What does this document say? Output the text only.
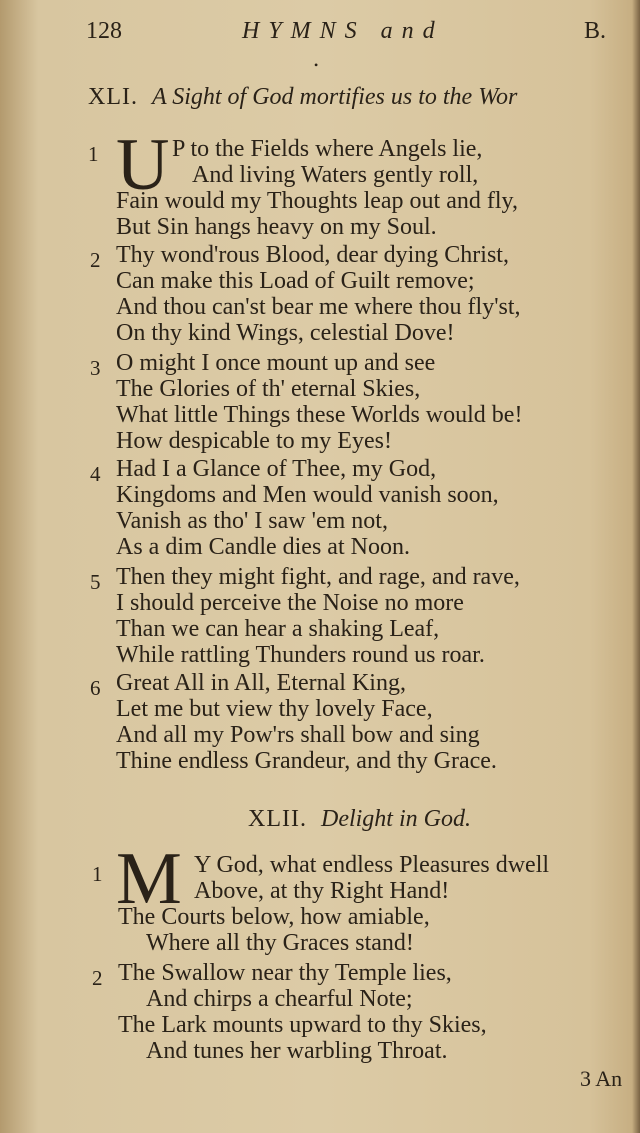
128	HYMNS and	B.
•
XLI. A Sight of God mortifies us to the Wor
1 U P to the Fields where Angels lie,
And living Waters gently roll,
Fain would my Thoughts leap out and fly,
But Sin hangs heavy on my Soul.
2 Thy wond'rous Blood, dear dying Christ,
Can make this Load of Guilt remove;
And thou can'st bear me where thou fly'st,
On thy kind Wings, celestial Dove!
3 O might I once mount up and see
The Glories of th' eternal Skies,
What little Things these Worlds would be!
How despicable to my Eyes!
4 Had I a Glance of Thee, my God,
Kingdoms and Men would vanish soon,
Vanish as tho' I saw 'em not,
As a dim Candle dies at Noon.
5 Then they might fight, and rage, and rave,
I should perceive the Noise no more
Than we can hear a shaking Leaf,
While rattling Thunders round us roar.
6 Great All in All, Eternal King,
Let me but view thy lovely Face,
And all my Pow'rs shall bow and sing
Thine endless Grandeur, and thy Grace.
XLII. Delight in God.
1 M Y God, what endless Pleasures dwell
Above, at thy Right Hand!
The Courts below, how amiable,
Where all thy Graces stand!
2 The Swallow near thy Temple lies,
And chirps a chearful Note;
The Lark mounts upward to thy Skies,
And tunes her warbling Throat.
3 An
